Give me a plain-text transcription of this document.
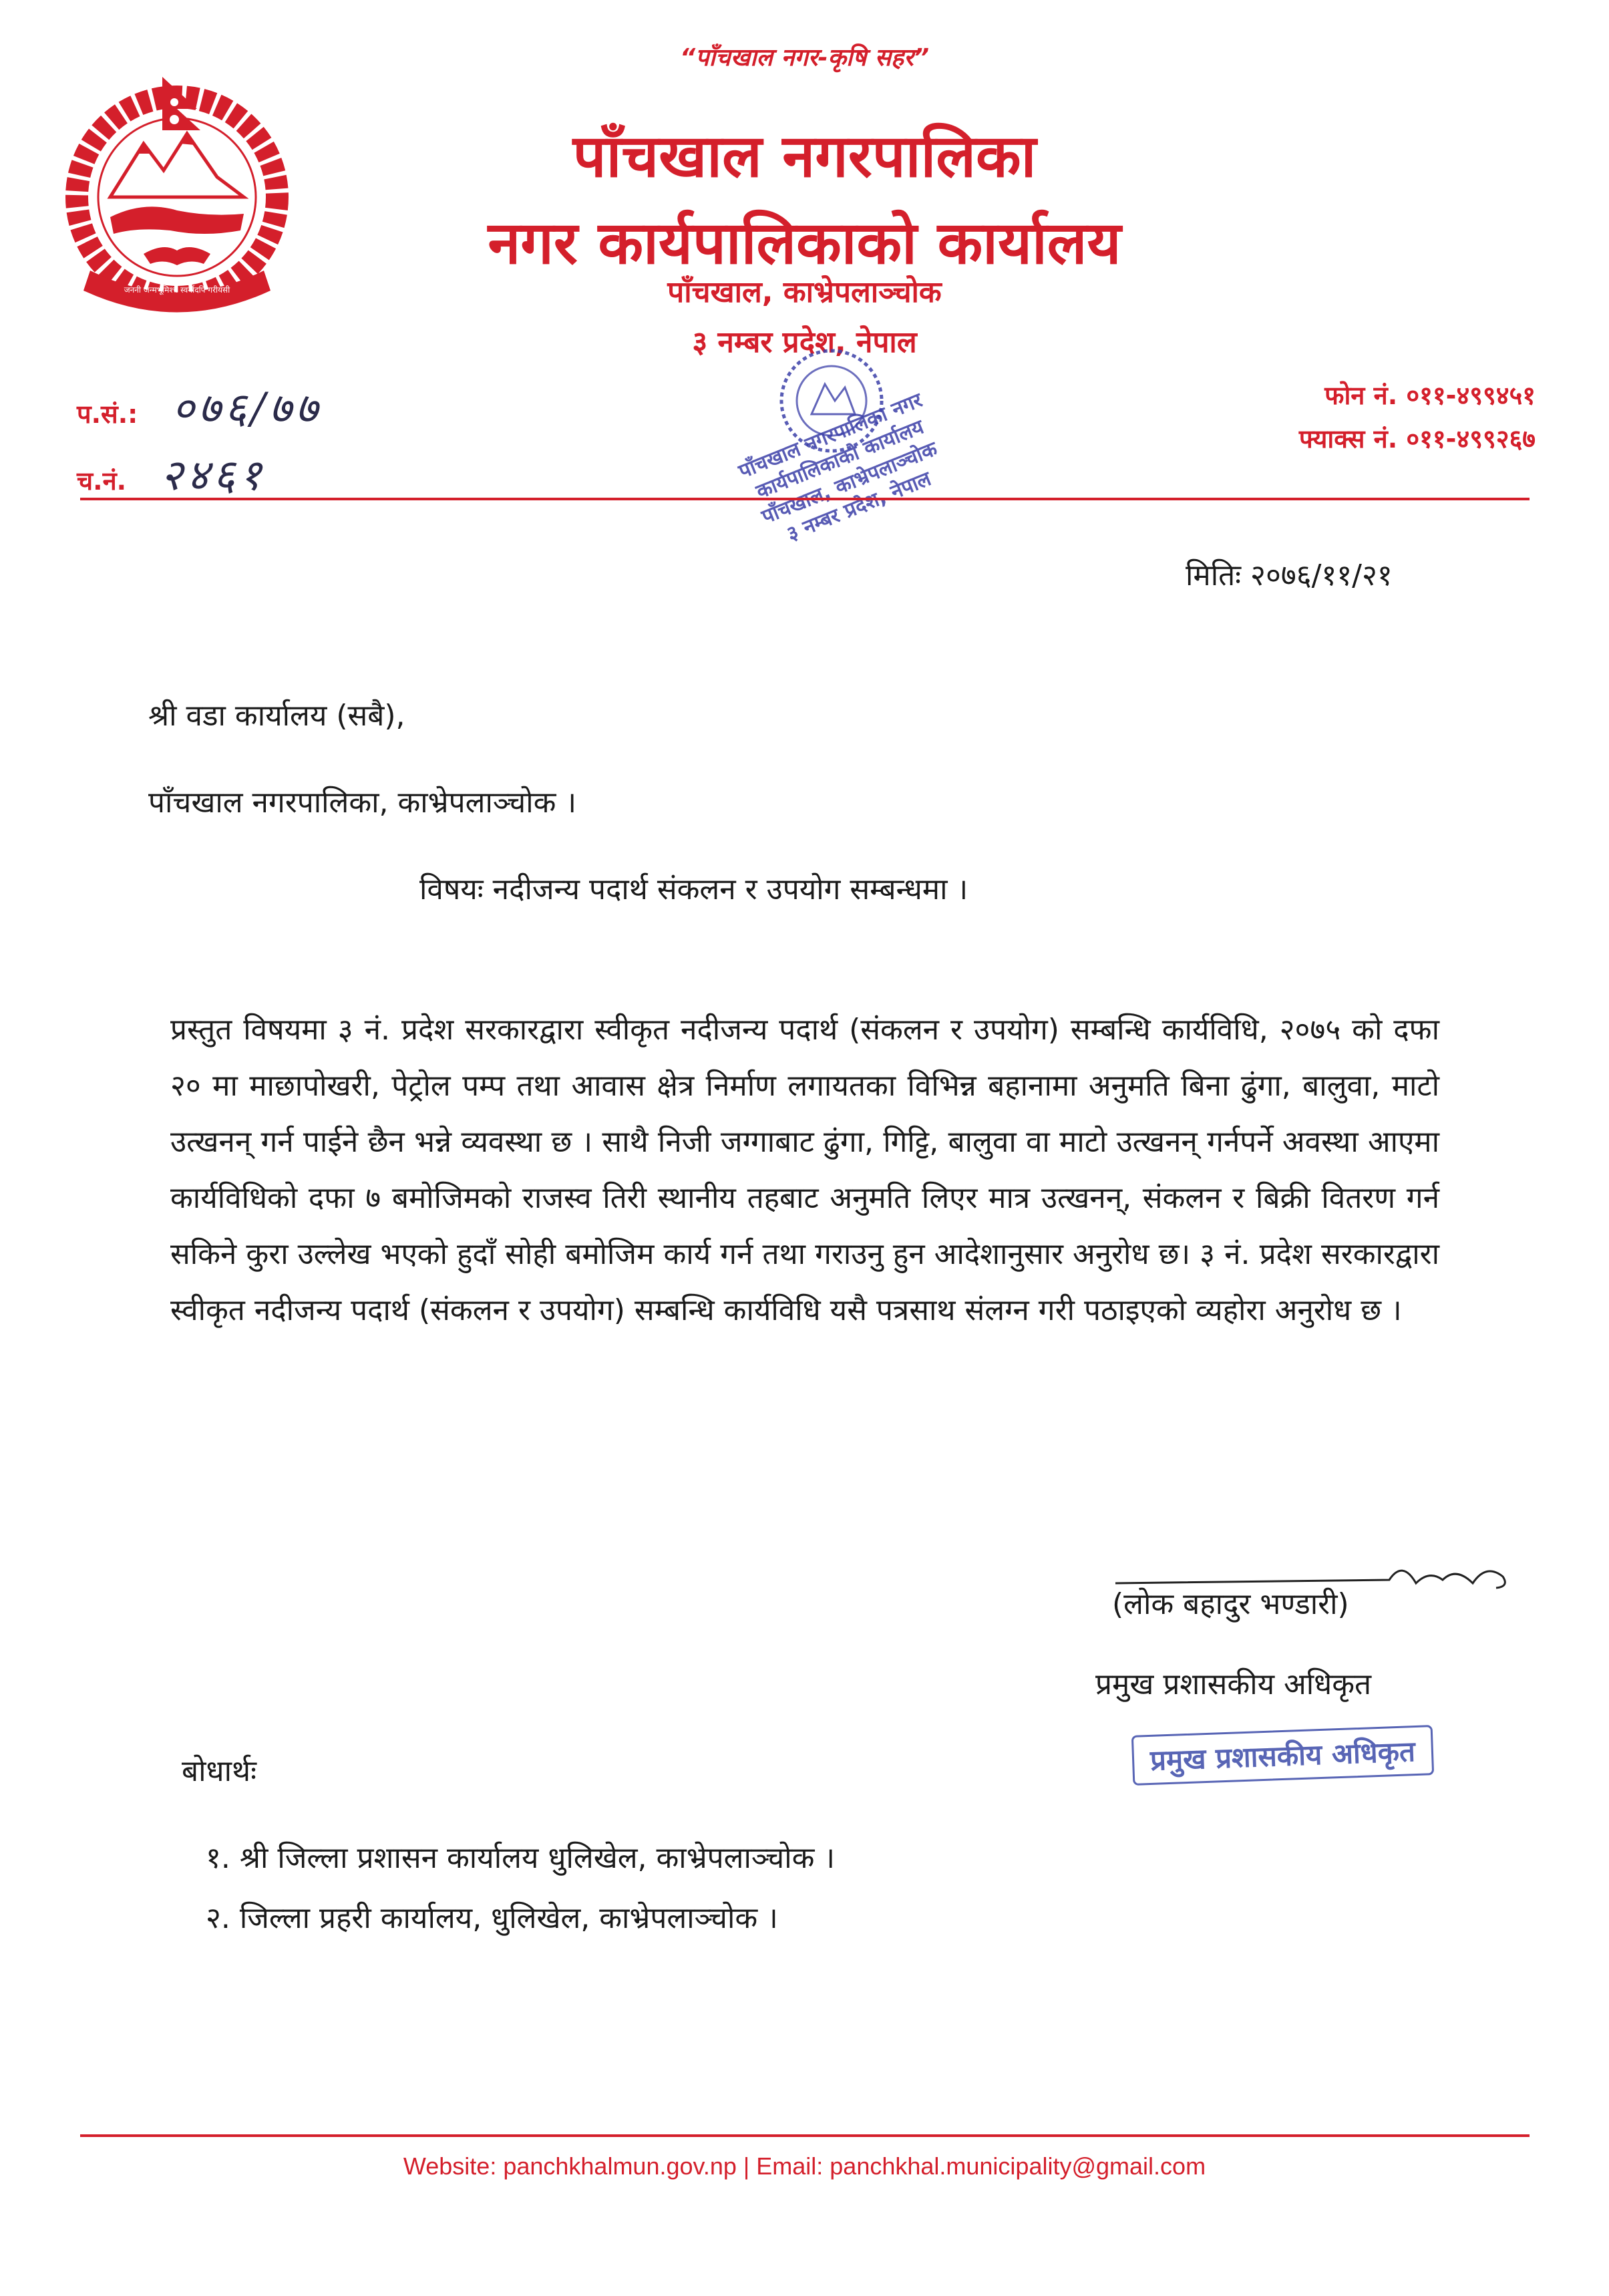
जननी जन्मभूमिश्च स्वर्गादपि गरीयसी
“पाँचखाल नगर-कृषि सहर”
पाँचखाल नगरपालिका
नगर कार्यपालिकाको कार्यालय
पाँचखाल, काभ्रेपलाञ्चोक
३ नम्बर प्रदेश, नेपाल
प.सं.: ०७६/७७
च.नं. २४६१
फोन नं. ०११-४९९४५१
फ्याक्स नं. ०११-४९९२६७
पाँचखाल नगरपालिका नगर कार्यपालिकाको कार्यालय पाँचखाल, काभ्रेपलाञ्चोक ३ नम्बर प्रदेश, नेपाल
मितिः २०७६/११/२१
श्री वडा कार्यालय (सबै),
पाँचखाल नगरपालिका, काभ्रेपलाञ्चोक ।
विषयः नदीजन्य पदार्थ संकलन र उपयोग सम्बन्धमा ।
प्रस्तुत विषयमा ३ नं. प्रदेश सरकारद्वारा स्वीकृत नदीजन्य पदार्थ (संकलन र उपयोग) सम्बन्धि कार्यविधि, २०७५ को दफा २० मा माछापोखरी, पेट्रोल पम्प तथा आवास क्षेत्र निर्माण लगायतका विभिन्न बहानामा अनुमति बिना ढुंगा, बालुवा, माटो उत्खनन् गर्न पाईने छैन भन्ने व्यवस्था छ । साथै निजी जग्गाबाट ढुंगा, गिट्टि, बालुवा वा माटो उत्खनन् गर्नपर्ने अवस्था आएमा कार्यविधिको दफा ७ बमोजिमको राजस्व तिरी स्थानीय तहबाट अनुमति लिएर मात्र उत्खनन्, संकलन र बिक्री वितरण गर्न सकिने कुरा उल्लेख भएको हुदाँ सोही बमोजिम कार्य गर्न तथा गराउनु हुन आदेशानुसार अनुरोध छ। ३ नं. प्रदेश सरकारद्वारा स्वीकृत नदीजन्य पदार्थ (संकलन र उपयोग) सम्बन्धि कार्यविधि यसै पत्रसाथ संलग्न गरी पठाइएको व्यहोरा अनुरोध छ ।
(लोक बहादुर भण्डारी)
प्रमुख प्रशासकीय अधिकृत
प्रमुख प्रशासकीय अधिकृत
बोधार्थः
१. श्री जिल्ला प्रशासन कार्यालय धुलिखेल, काभ्रेपलाञ्चोक ।
२. जिल्ला प्रहरी कार्यालय, धुलिखेल, काभ्रेपलाञ्चोक ।
Website: panchkhalmun.gov.np | Email: panchkhal.municipality@gmail.com
